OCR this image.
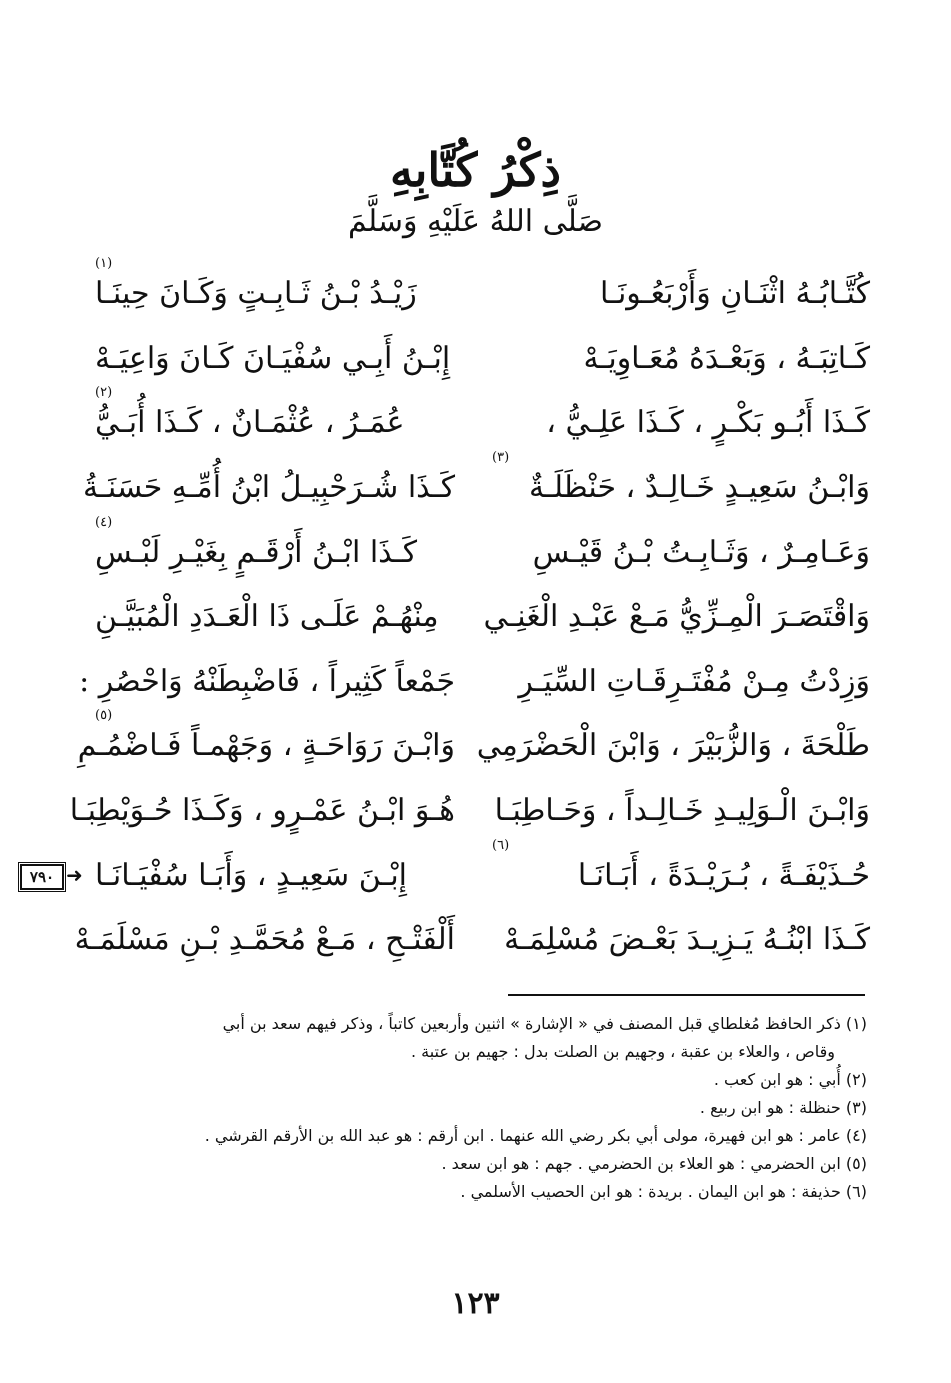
ذِكْرُ كُتَّابِهِ
صَلَّى اللهُ عَلَيْهِ وَسَلَّمَ
كُتَّـابُـهُ اثْنَـانِ وَأَرْبَعُـونَـا
زَيْـدُ بْـنُ ثَـابِـتٍ وَكَـانَ حِينَـا
(١)
كَـاتِبَـهُ ، وَبَعْـدَهُ مُعَـاوِيَـهْ
إِبْـنُ أَبِـي سُفْيَـانَ كَـانَ وَاعِيَـهْ
كَـذَا أَبُـو بَكْـرٍ ، كَـذَا عَلِـيُّ ،
عُمَـرُ ، عُثْمَـانٌ ، كَـذَا أُبَـيُّ
(٢)
وَابْـنُ سَعِيـدٍ خَـالِـدٌ ، حَنْظَلَـةٌ
(٣)
كَـذَا شُـرَحْبِيـلُ ابْنُ أُمِّـهِ حَسَنَـةُ
وَعَـامِـرٌ ، وَثَـابِـتُ بْـنُ قَيْـسِ
كَـذَا ابْـنُ أَرْقَـمٍ بِغَيْـرِ لَبْـسِ
(٤)
وَاقْتَصَـرَ الْمِـزِّيُّ مَـعْ عَبْـدِ الْغَنِـي
مِنْهُـمْ عَلَـى ذَا الْعَـدَدِ الْمُبَيَّـنِ
وَزِدْتُ مِـنْ مُفْتَـرِقَـاتِ السِّيَـرِ
جَمْعاً كَثِيراً ، فَاضْبِطَنْهُ وَاحْصُرِ :
طَلْحَةَ ، وَالزُّبَيْرَ ، وَابْنَ الْحَضْرَمِي
وَابْـنَ رَوَاحَـةٍ ، وَجَهْمـاً فَـاضْمُـمِ
(٥)
وَابْـنَ الْـوَلِيـدِ خَـالِـداً ، وَحَـاطِبَـا
هُـوَ ابْـنُ عَمْـرٍو ، وَكَـذَا حُـوَيْطِبَـا
حُـذَيْفَـةً ، بُـرَيْـدَةً ، أَبَـانَـا
(٦)
إِبْـنَ سَعِيـدٍ ، وَأَبَـا سُفْيَـانَـا
كَـذَا ابْنُـهُ يَـزِيـدَ بَعْـضَ مُسْلِمَـهْ
أَلْفَتْـحِ ، مَـعْ مُحَمَّـدِ بْـنِ مَسْلَمَـهْ
٧٩٠ ➜
(١) ذكر الحافظ مُغلطاي قبل المصنف في « الإشارة » اثنين وأربعين كاتباً ، وذكر فيهم سعد بن أبي
وقاص ، والعلاء بن عقبة ، وجهيم بن الصلت بدل : جهيم بن عتبة .
(٢) أُبي : هو ابن كعب .
(٣) حنظلة : هو ابن ربيع .
(٤) عامر : هو ابن فهيرة، مولى أبي بكر رضي الله عنهما . ابن أرقم : هو عبد الله بن الأرقم القرشي .
(٥) ابن الحضرمي : هو العلاء بن الحضرمي . جهم : هو ابن سعد .
(٦) حذيفة : هو ابن اليمان . بريدة : هو ابن الحصيب الأسلمي .
١٢٣
